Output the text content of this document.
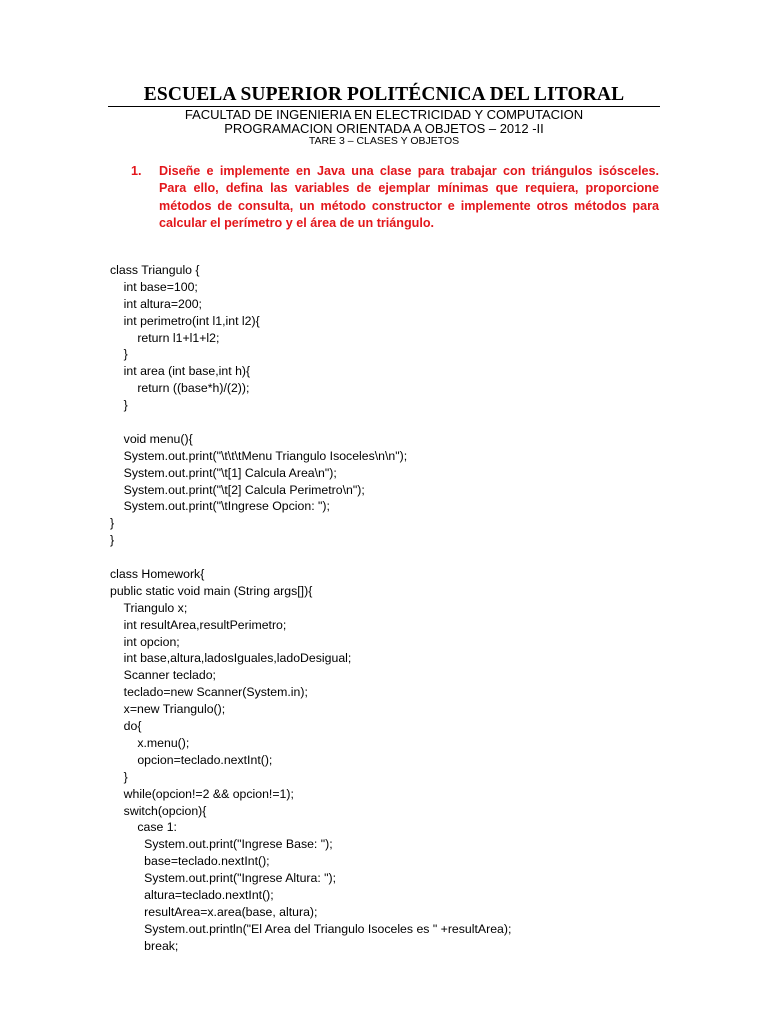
ESCUELA SUPERIOR POLITÉCNICA DEL LITORAL
FACULTAD DE INGENIERIA EN ELECTRICIDAD Y COMPUTACION
PROGRAMACION ORIENTADA A OBJETOS – 2012 -II
TARE 3 – CLASES Y OBJETOS
1. Diseñe e implemente en Java una clase para trabajar con triángulos isósceles. Para ello, defina las variables de ejemplar mínimas que requiera, proporcione métodos de consulta, un método constructor e implemente otros métodos para calcular el perímetro y el área de un triángulo.
class Triangulo {
int base=100;
int altura=200;
int perimetro(int l1,int l2){
return l1+l1+l2;
}
int area (int base,int h){
return ((base*h)/(2));
}
void menu(){
System.out.print("\t\t\tMenu Triangulo Isoceles\n\n");
System.out.print("\t[1] Calcula Area\n");
System.out.print("\t[2] Calcula Perimetro\n");
System.out.print("\tIngrese Opcion: ");
}
}
class Homework{
public static void main (String args[]){
Triangulo x;
int resultArea,resultPerimetro;
int opcion;
int base,altura,ladosIguales,ladoDesigual;
Scanner teclado;
teclado=new Scanner(System.in);
x=new Triangulo();
do{
x.menu();
opcion=teclado.nextInt();
}
while(opcion!=2 && opcion!=1);
switch(opcion){
case 1:
System.out.print("Ingrese Base: ");
base=teclado.nextInt();
System.out.print("Ingrese Altura: ");
altura=teclado.nextInt();
resultArea=x.area(base, altura);
System.out.println("El Area del Triangulo Isoceles es " +resultArea);
break;
